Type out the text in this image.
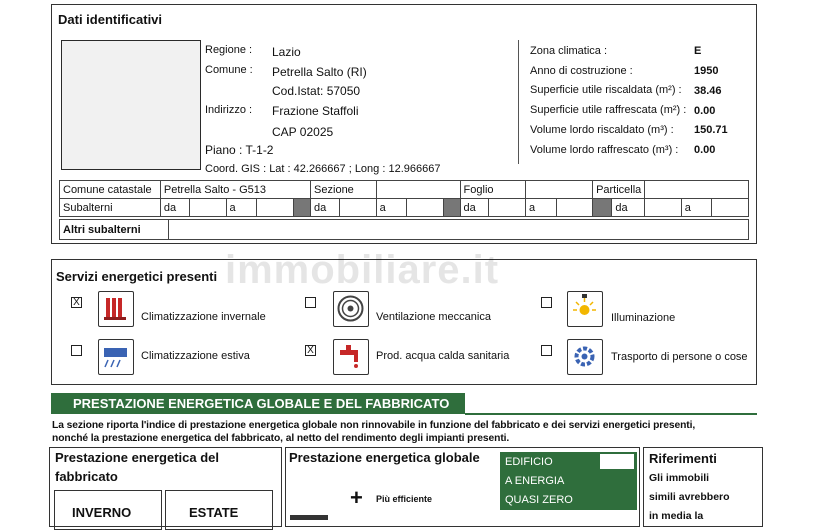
Dati identificativi
Regione : Lazio
Comune : Petrella Salto (RI)
Cod.Istat: 57050
Indirizzo : Frazione Staffoli
CAP 02025
Piano : T-1-2
Coord. GIS : Lat : 42.266667 ; Long : 12.966667
Zona climatica :	E
Anno di costruzione :	1950
Superficie utile riscaldata (m²) : 38.46
Superficie utile raffrescata (m²) : 0.00
Volume lordo riscaldato (m³) : 150.71
Volume lordo raffrescato (m³) : 0.00
Comune catastale	Petrella Salto - G513					Sezione					Foglio				Particella				
Subalterni	da		a			da		a			da		a			da		a	
Altri subalterni	
Servizi energetici presenti immobiliare.it
X
Climatizzazione invernale	Ventilazione meccanica	Illuminazione
Climatizzazione estiva	X	Prod. acqua calda sanitaria	Trasporto di persone o cose
PRESTAZIONE ENERGETICA GLOBALE E DEL FABBRICATO
La sezione riporta l'indice di prestazione energetica globale non rinnovabile in funzione del fabbricato e dei servizi energetici presenti,
nonché la prestazione energetica del fabbricato, al netto del rendimento degli impianti presenti.
Prestazione energetica del
fabbricato
INVERNO	ESTATE
Prestazione energetica globale
+ Più efficiente
EDIFICIO
A ENERGIA
QUASI ZERO
Riferimenti
Gli immobili
simili avrebbero
in media la
